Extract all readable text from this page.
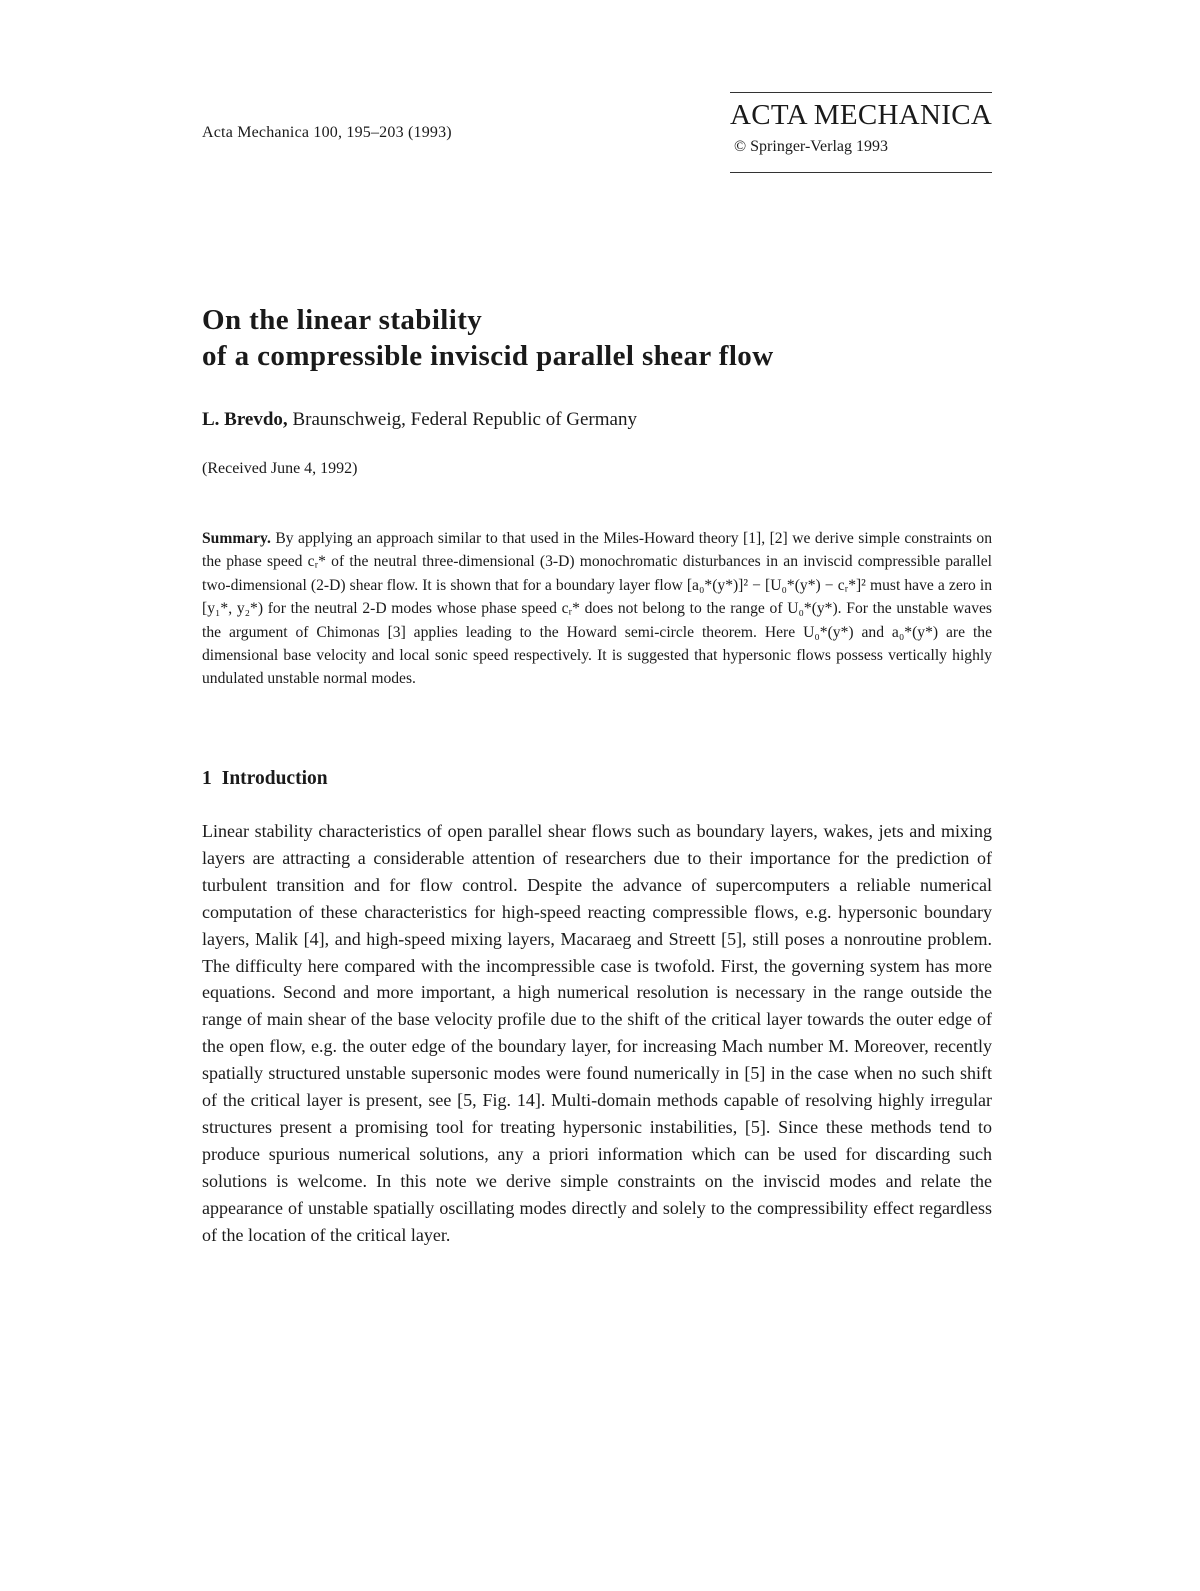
Acta Mechanica 100, 195–203 (1993)
ACTA MECHANICA
© Springer-Verlag 1993
On the linear stability
of a compressible inviscid parallel shear flow
L. Brevdo, Braunschweig, Federal Republic of Germany
(Received June 4, 1992)
Summary. By applying an approach similar to that used in the Miles-Howard theory [1], [2] we derive simple constraints on the phase speed cᵣ* of the neutral three-dimensional (3-D) monochromatic disturbances in an inviscid compressible parallel two-dimensional (2-D) shear flow. It is shown that for a boundary layer flow [a₀*(y*)]² − [U₀*(y*) − cᵣ*]² must have a zero in [y₁*, y₂*) for the neutral 2-D modes whose phase speed cᵣ* does not belong to the range of U₀*(y*). For the unstable waves the argument of Chimonas [3] applies leading to the Howard semi-circle theorem. Here U₀*(y*) and a₀*(y*) are the dimensional base velocity and local sonic speed respectively. It is suggested that hypersonic flows possess vertically highly undulated unstable normal modes.
1 Introduction

Linear stability characteristics of open parallel shear flows such as boundary layers, wakes, jets and mixing layers are attracting a considerable attention of researchers due to their importance for the prediction of turbulent transition and for flow control. Despite the advance of supercomputers a reliable numerical computation of these characteristics for high-speed reacting compressible flows, e.g. hypersonic boundary layers, Malik [4], and high-speed mixing layers, Macaraeg and Streett [5], still poses a nonroutine problem. The difficulty here compared with the incompressible case is twofold. First, the governing system has more equations. Second and more important, a high numerical resolution is necessary in the range outside the range of main shear of the base velocity profile due to the shift of the critical layer towards the outer edge of the open flow, e.g. the outer edge of the boundary layer, for increasing Mach number M. Moreover, recently spatially structured unstable supersonic modes were found numerically in [5] in the case when no such shift of the critical layer is present, see [5, Fig. 14]. Multi-domain methods capable of resolving highly irregular structures present a promising tool for treating hypersonic instabilities, [5]. Since these methods tend to produce spurious numerical solutions, any a priori information which can be used for discarding such solutions is welcome. In this note we derive simple constraints on the inviscid modes and relate the appearance of unstable spatially oscillating modes directly and solely to the compressibility effect regardless of the location of the critical layer.
